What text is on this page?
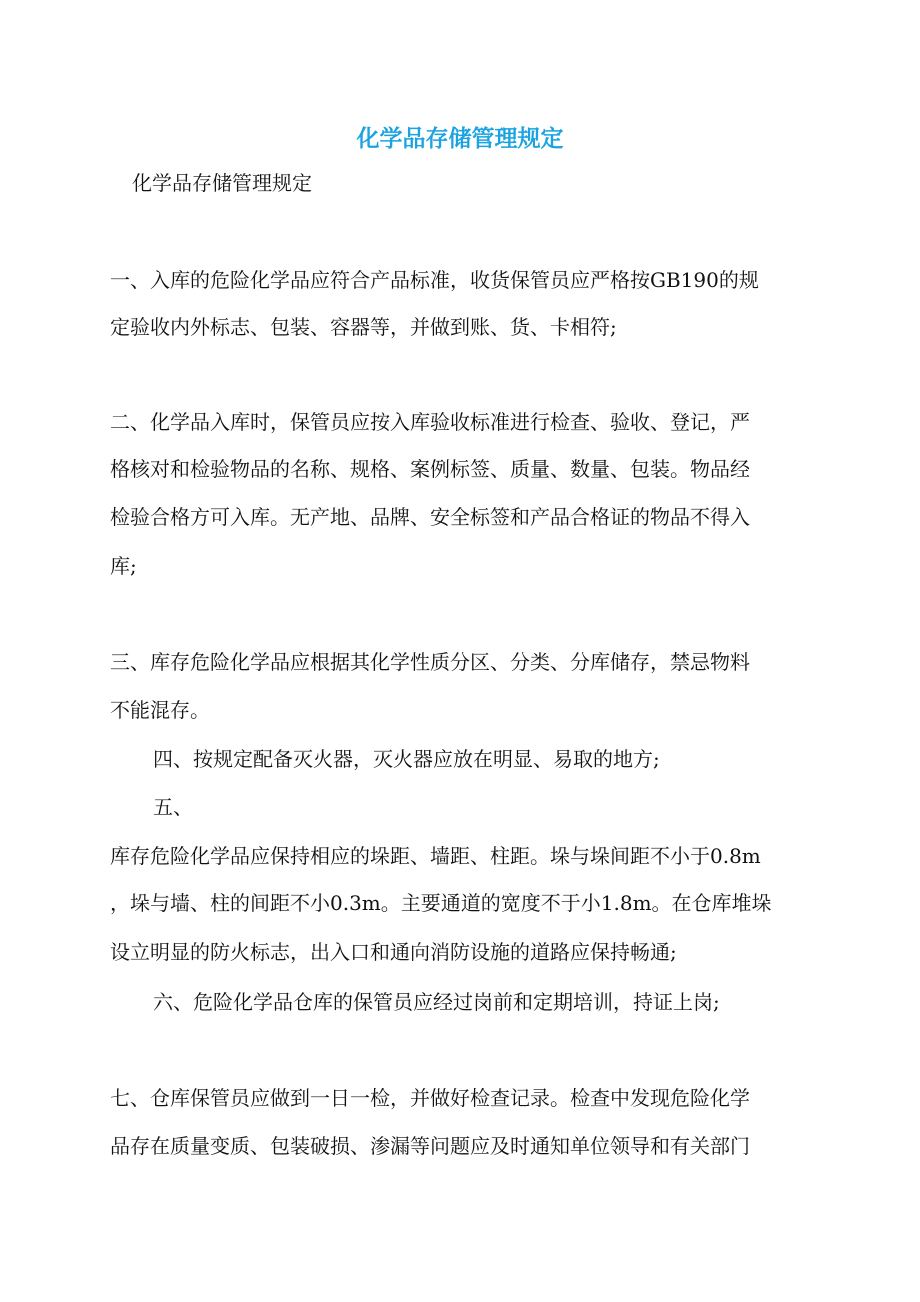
化学品存储管理规定
化学品存储管理规定
一、入库的危险化学品应符合产品标准，收货保管员应严格按GB190的规
定验收内外标志、包装、容器等，并做到账、货、卡相符;
二、化学品入库时，保管员应按入库验收标准进行检查、验收、登记，严
格核对和检验物品的名称、规格、案例标签、质量、数量、包装。物品经
检验合格方可入库。无产地、品牌、安全标签和产品合格证的物品不得入
库;
三、库存危险化学品应根据其化学性质分区、分类、分库储存，禁忌物料
不能混存。
四、按规定配备灭火器，灭火器应放在明显、易取的地方;
五、
库存危险化学品应保持相应的垛距、墙距、柱距。垛与垛间距不小于0.8m
，垛与墙、柱的间距不小0.3m。主要通道的宽度不于小1.8m。在仓库堆垛
设立明显的防火标志，出入口和通向消防设施的道路应保持畅通;
六、危险化学品仓库的保管员应经过岗前和定期培训，持证上岗;
七、仓库保管员应做到一日一检，并做好检查记录。检查中发现危险化学
品存在质量变质、包装破损、渗漏等问题应及时通知单位领导和有关部门
